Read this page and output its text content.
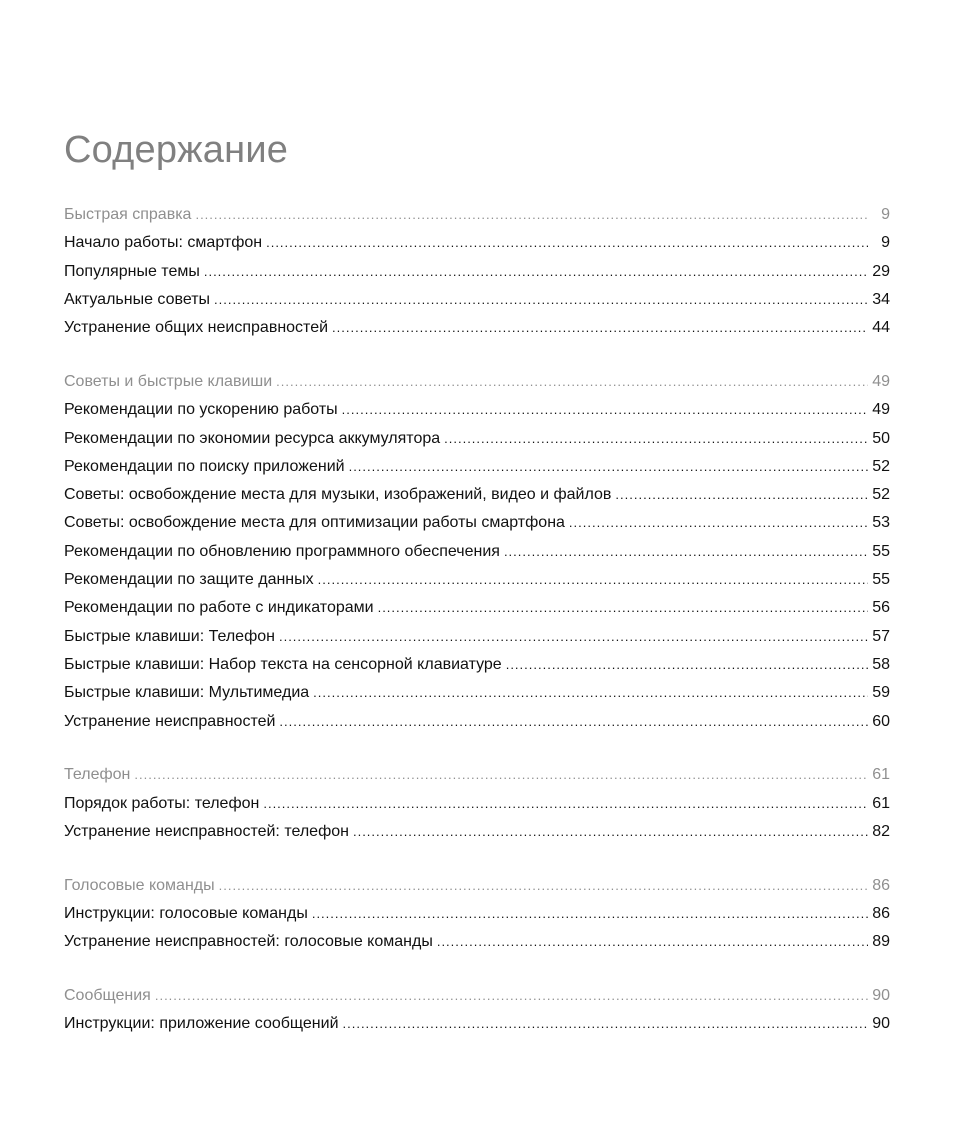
Содержание
Быстрая справка .....	9
Начало работы: смартфон .....	9
Популярные темы .....	29
Актуальные советы .....	34
Устранение общих неисправностей .....	44
Советы и быстрые клавиши .....	49
Рекомендации по ускорению работы .....	49
Рекомендации по экономии ресурса аккумулятора .....	50
Рекомендации по поиску приложений .....	52
Советы: освобождение места для музыки, изображений, видео и файлов .....	52
Советы: освобождение места для оптимизации работы смартфона .....	53
Рекомендации по обновлению программного обеспечения .....	55
Рекомендации по защите данных .....	55
Рекомендации по работе с индикаторами .....	56
Быстрые клавиши: Телефон .....	57
Быстрые клавиши: Набор текста на сенсорной клавиатуре .....	58
Быстрые клавиши: Мультимедиа .....	59
Устранение неисправностей .....	60
Телефон .....	61
Порядок работы: телефон .....	61
Устранение неисправностей: телефон .....	82
Голосовые команды .....	86
Инструкции: голосовые команды .....	86
Устранение неисправностей: голосовые команды .....	89
Сообщения .....	90
Инструкции: приложение сообщений .....	90
